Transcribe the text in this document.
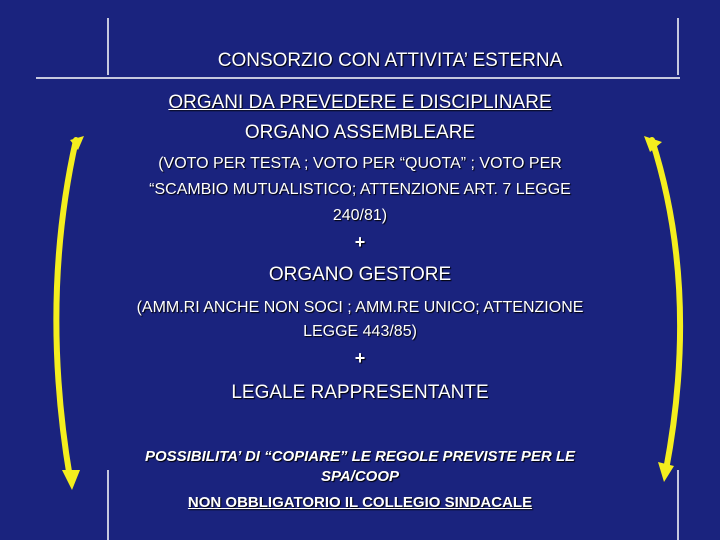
CONSORZIO CON ATTIVITA’ ESTERNA
ORGANI DA PREVEDERE E DISCIPLINARE
ORGANO ASSEMBLEARE
(VOTO PER TESTA ; VOTO PER “QUOTA” ; VOTO PER
“SCAMBIO MUTUALISTICO; ATTENZIONE ART. 7 LEGGE
240/81)
+
ORGANO GESTORE
(AMM.RI ANCHE NON SOCI ; AMM.RE UNICO; ATTENZIONE
LEGGE 443/85)
+
LEGALE RAPPRESENTANTE
POSSIBILITA’ DI “COPIARE” LE REGOLE PREVISTE PER LE
SPA/COOP
NON OBBLIGATORIO IL COLLEGIO SINDACALE
